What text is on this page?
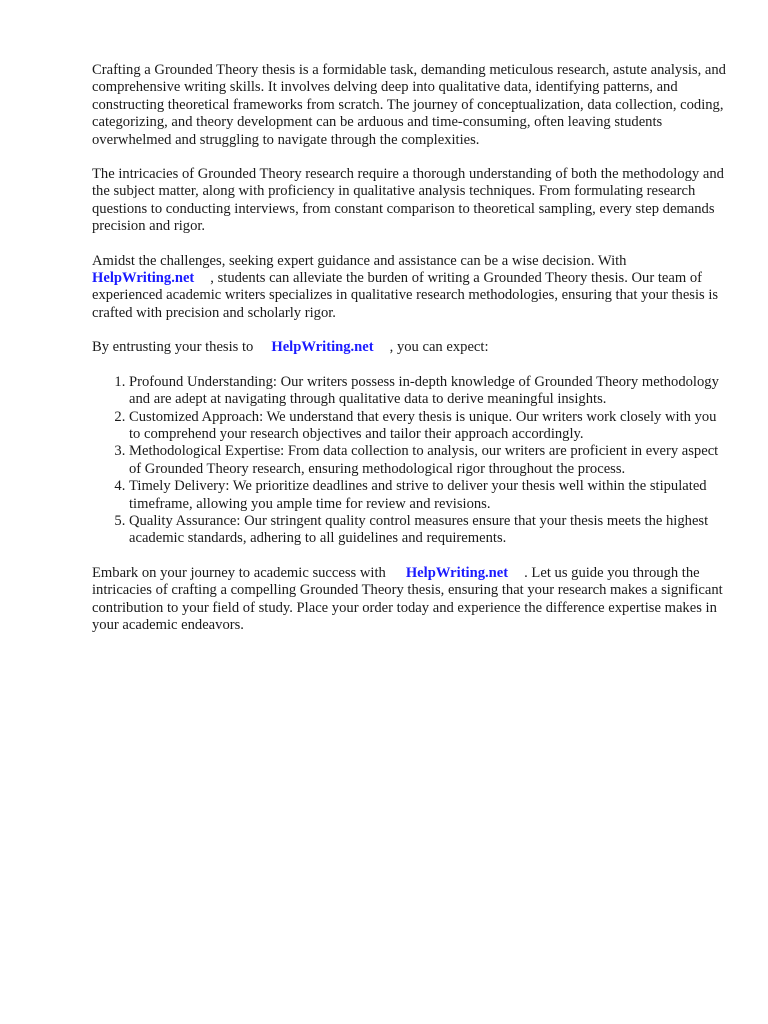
Crafting a Grounded Theory thesis is a formidable task, demanding meticulous research, astute analysis, and comprehensive writing skills. It involves delving deep into qualitative data, identifying patterns, and constructing theoretical frameworks from scratch. The journey of conceptualization, data collection, coding, categorizing, and theory development can be arduous and time-consuming, often leaving students overwhelmed and struggling to navigate through the complexities.

The intricacies of Grounded Theory research require a thorough understanding of both the methodology and the subject matter, along with proficiency in qualitative analysis techniques. From formulating research questions to conducting interviews, from constant comparison to theoretical sampling, every step demands precision and rigor.

Amidst the challenges, seeking expert guidance and assistance can be a wise decision. With HelpWriting.net , students can alleviate the burden of writing a Grounded Theory thesis. Our team of experienced academic writers specializes in qualitative research methodologies, ensuring that your thesis is crafted with precision and scholarly rigor.

By entrusting your thesis to HelpWriting.net , you can expect:

1. Profound Understanding: Our writers possess in-depth knowledge of Grounded Theory methodology and are adept at navigating through qualitative data to derive meaningful insights.
2. Customized Approach: We understand that every thesis is unique. Our writers work closely with you to comprehend your research objectives and tailor their approach accordingly.
3. Methodological Expertise: From data collection to analysis, our writers are proficient in every aspect of Grounded Theory research, ensuring methodological rigor throughout the process.
4. Timely Delivery: We prioritize deadlines and strive to deliver your thesis well within the stipulated timeframe, allowing you ample time for review and revisions.
5. Quality Assurance: Our stringent quality control measures ensure that your thesis meets the highest academic standards, adhering to all guidelines and requirements.

Embark on your journey to academic success with HelpWriting.net . Let us guide you through the intricacies of crafting a compelling Grounded Theory thesis, ensuring that your research makes a significant contribution to your field of study. Place your order today and experience the difference expertise makes in your academic endeavors.
